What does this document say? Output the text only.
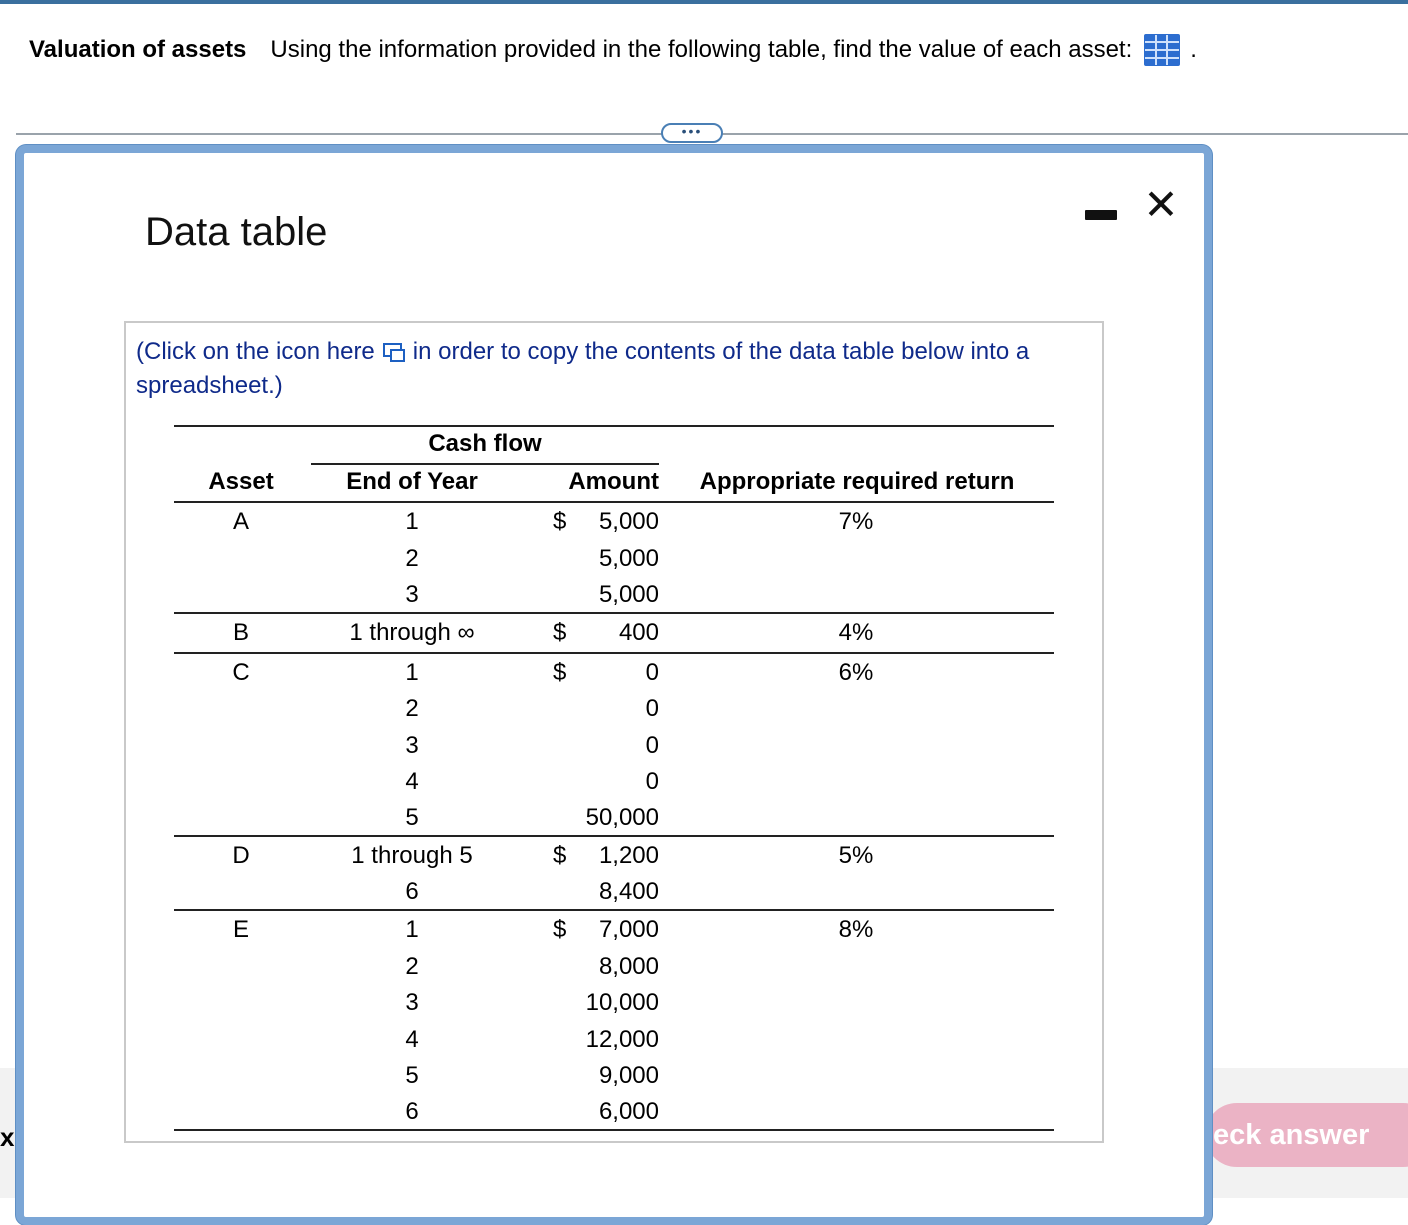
Valuation of assets Using the information provided in the following table, find the value of each asset: .
•••
x	eck answer
Data table
✕
(Click on the icon here in order to copy the contents of the data table below into a spreadsheet.)
Cash flow
Asset	End of Year	Amount	Appropriate required return
A	1	$	5,000	7%
2	5,000
3	5,000
B	1 through ∞	$	400	4%
C	1	$	0	6%
2	0
3	0
4	0
5	50,000
D	1 through 5	$	1,200	5%
6	8,400
E	1	$	7,000	8%
2	8,000
3	10,000
4	12,000
5	9,000
6	6,000
